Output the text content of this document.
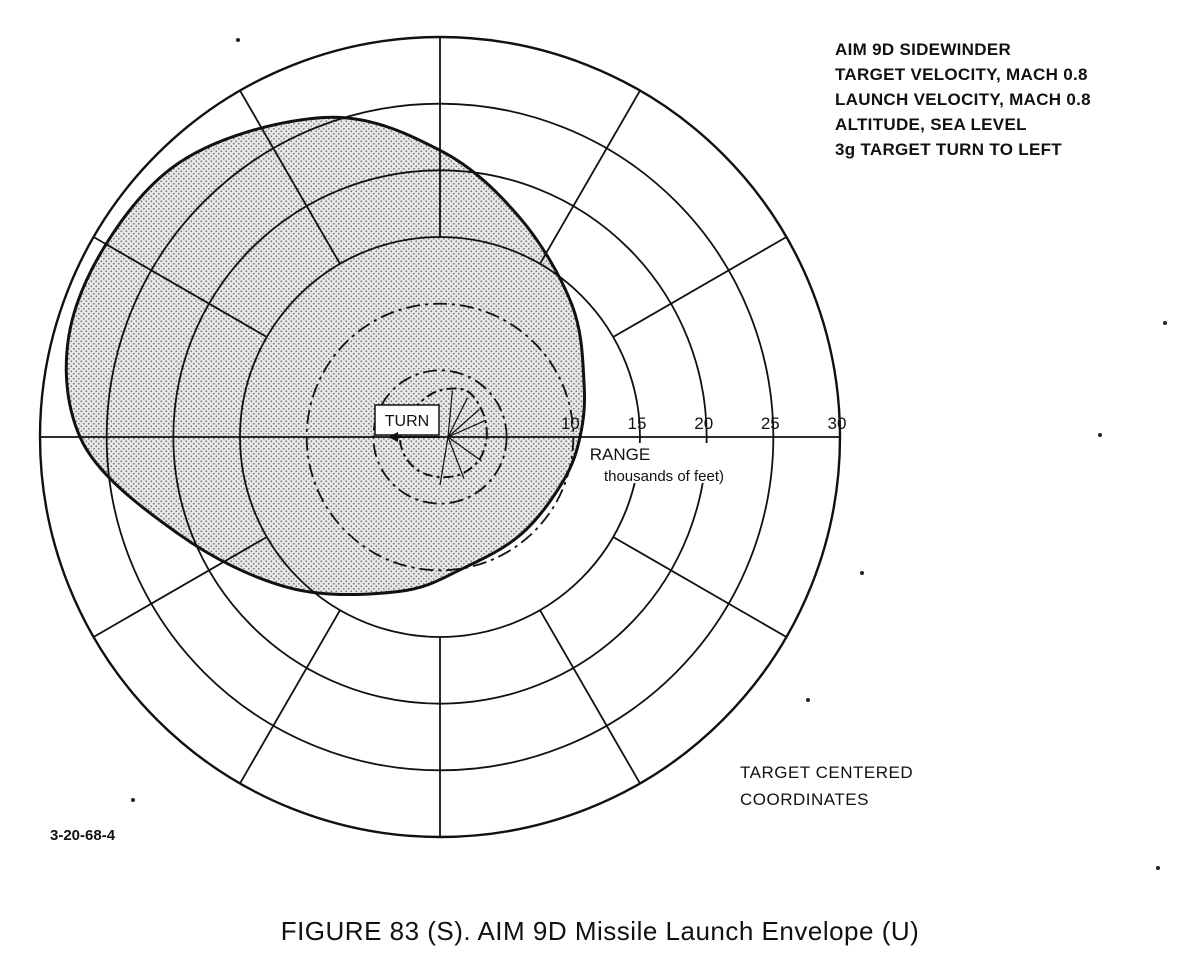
10	15	20	25	30
TURN
RANGE
thousands of feet)
AIM 9D SIDEWINDER
TARGET VELOCITY, MACH 0.8
LAUNCH VELOCITY, MACH 0.8
ALTITUDE, SEA LEVEL
3g TARGET TURN TO LEFT
TARGET CENTERED
COORDINATES
3-20-68-4
FIGURE 83 (S). AIM 9D Missile Launch Envelope (U)
